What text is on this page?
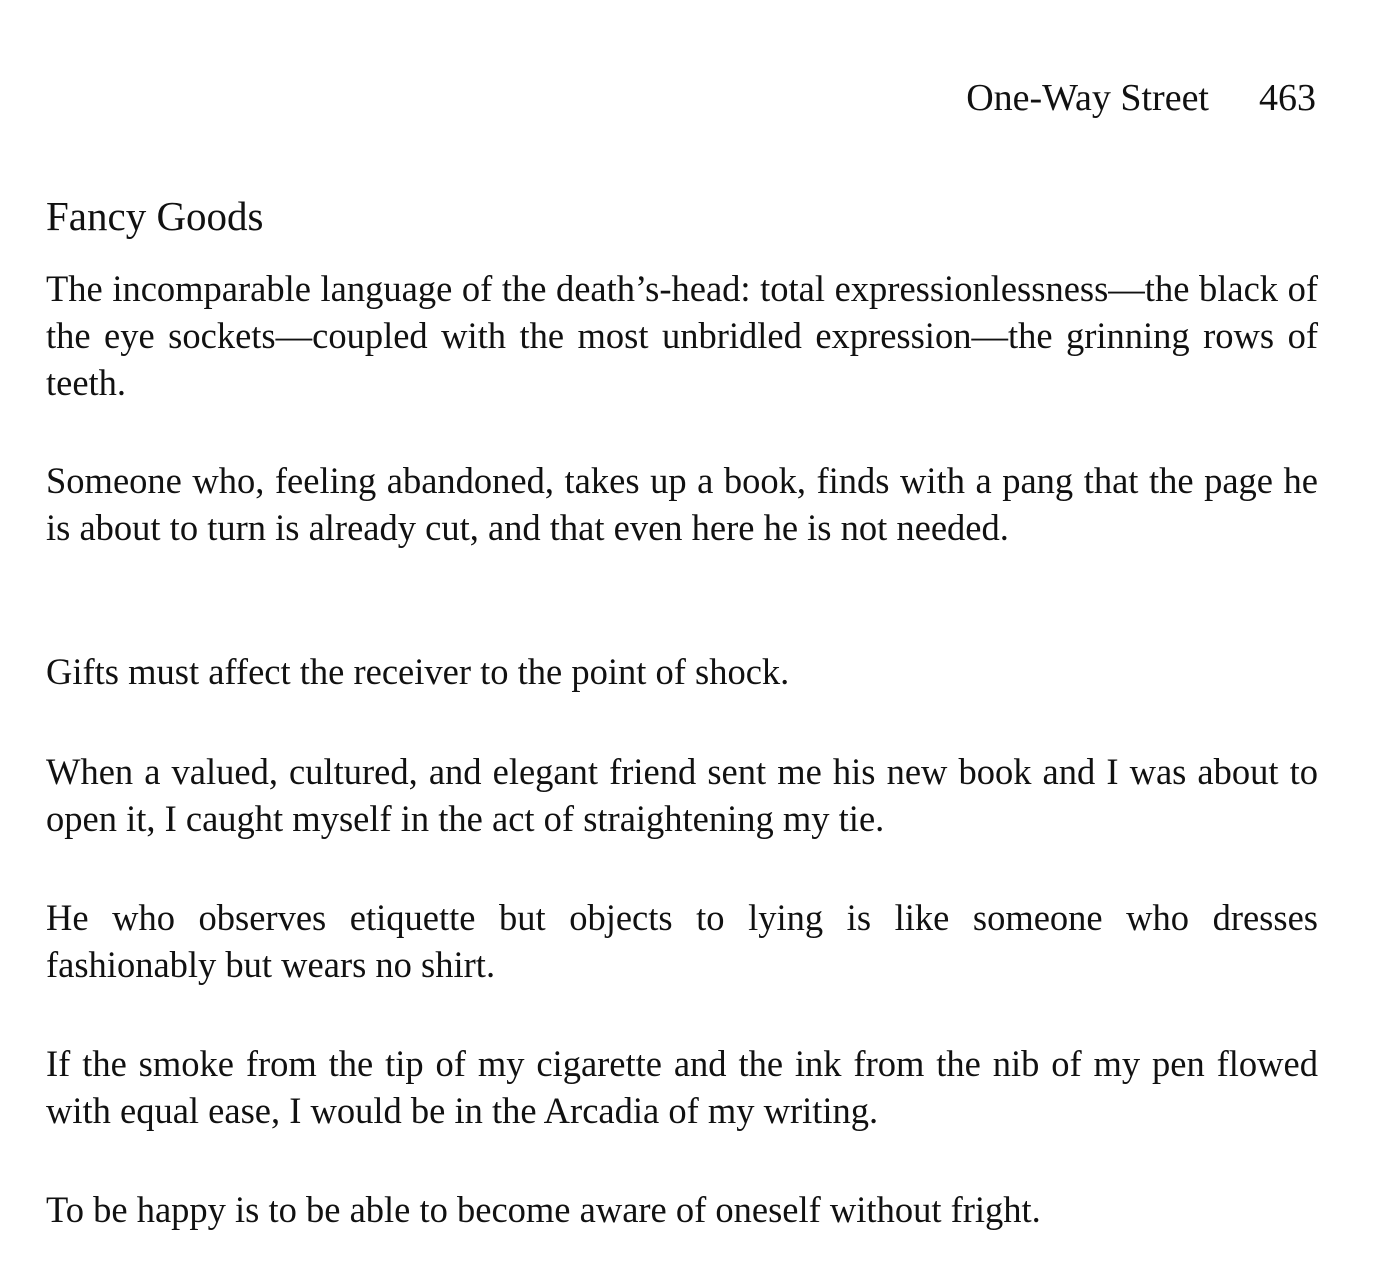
One-Way Street 463
Fancy Goods

The incomparable language of the death’s-head: total expressionlessness—the black of the eye sockets—coupled with the most unbridled expression—the grinning rows of teeth.

Someone who, feeling abandoned, takes up a book, finds with a pang that the page he is about to turn is already cut, and that even here he is not needed.

Gifts must affect the receiver to the point of shock.

When a valued, cultured, and elegant friend sent me his new book and I was about to open it, I caught myself in the act of straightening my tie.

He who observes etiquette but objects to lying is like someone who dresses fashionably but wears no shirt.

If the smoke from the tip of my cigarette and the ink from the nib of my pen flowed with equal ease, I would be in the Arcadia of my writing.

To be happy is to be able to become aware of oneself without fright.
